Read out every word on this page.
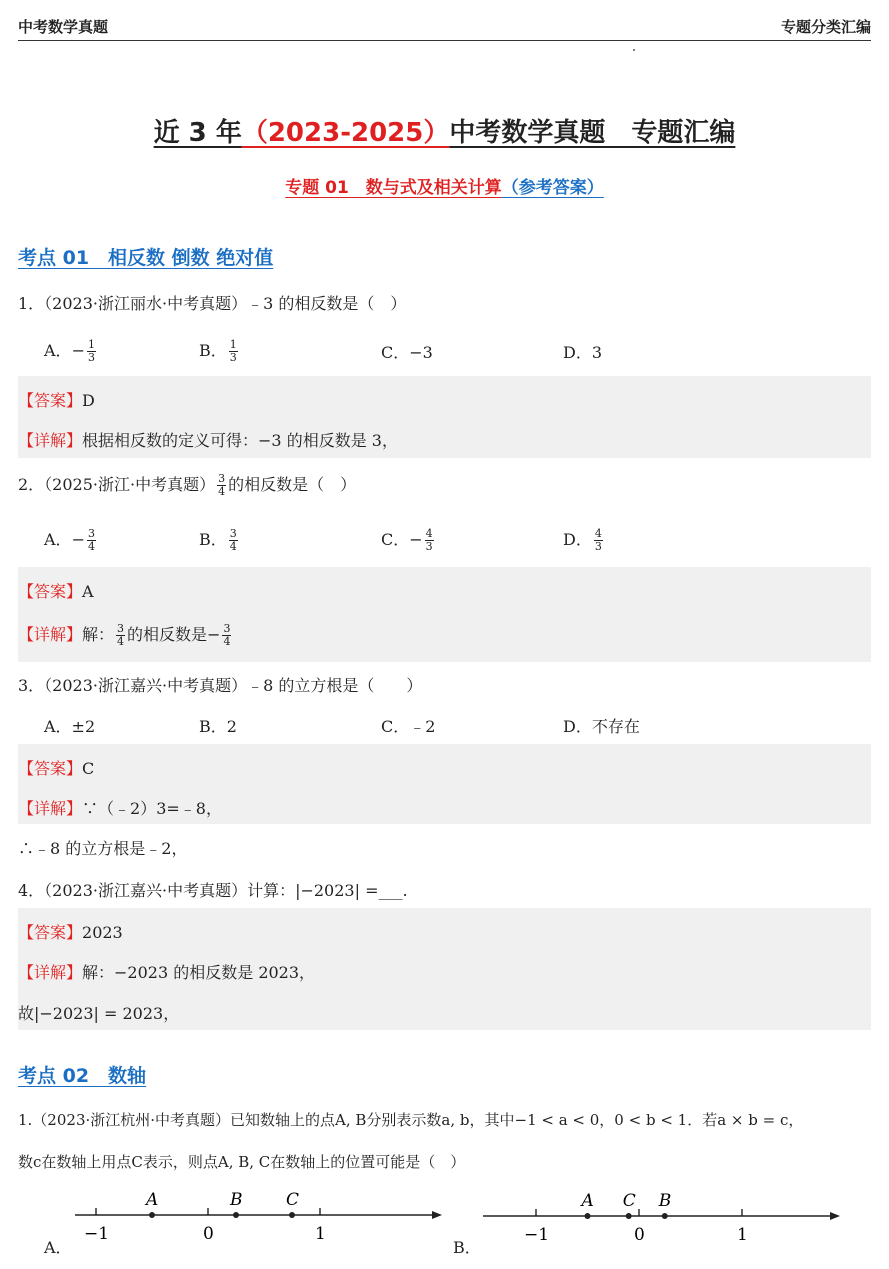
中考数学真题	专题分类汇编
近 3 年（2023-2025）中考数学真题　专题汇编
专题 01　数与式及相关计算（参考答案）
考点 01　相反数 倒数 绝对值
1．（2023·浙江丽水·中考真题）﹣3 的相反数是（　）
A．− $\frac{1}{3}$	B． $\frac{1}{3}$	C．−3	D．3
【答案】D
【详解】根据相反数的定义可得：−3 的相反数是 3，
2．（2025·浙江·中考真题） $\frac{3}{4}$ 的相反数是（　）
A．− $\frac{3}{4}$	B． $\frac{3}{4}$	C．− $\frac{4}{3}$	D． $\frac{4}{3}$
【答案】A
【详解】解： $\frac{3}{4}$ 的相反数是− $\frac{3}{4}$
3．（2023·浙江嘉兴·中考真题）﹣8 的立方根是（　　）
A．±2	B．2	C．﹣2	D．不存在
【答案】C
【详解】∵（﹣2）3=﹣8，
∴﹣8 的立方根是﹣2，
4．（2023·浙江嘉兴·中考真题）计算：|−2023| =___.
【答案】2023
【详解】解：−2023 的相反数是 2023，
故|−2023| = 2023，
考点 02　数轴
1.（2023·浙江杭州·中考真题）已知数轴上的点A, B分别表示数a, b，其中−1 < a < 0，0 < b < 1．若a × b = c，
数c在数轴上用点C表示，则点A, B, C在数轴上的位置可能是（　）
A．	B．
−1	0	1
A	B	C
−1	0	1
A C B
